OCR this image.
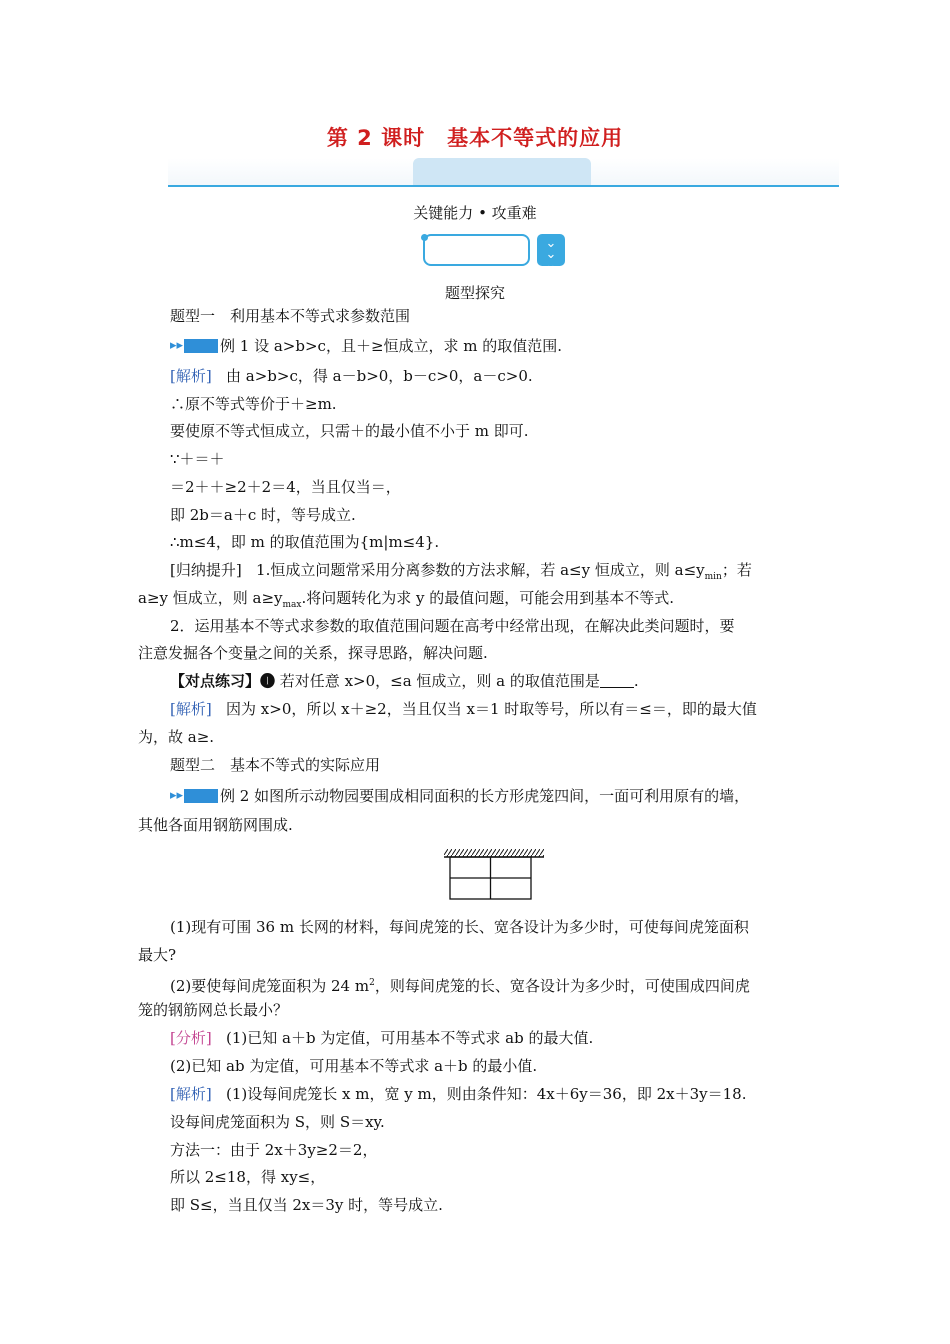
第 2 课时　基本不等式的应用
关键能力 • 攻重难
⌄
⌄
⌄
题型探究
题型一　利用基本不等式求参数范围
▸▸ 例 1 设 a>b>c，且＋≥恒成立，求 m 的取值范围.
[解析] 由 a>b>c，得 a－b>0，b－c>0，a－c>0.
∴原不等式等价于＋≥m.
要使原不等式恒成立，只需＋的最小值不小于 m 即可.
∵＋＝＋
＝2＋＋≥2＋2＝4，当且仅当＝，
即 2b＝a＋c 时，等号成立.
∴m≤4，即 m 的取值范围为{m|m≤4}.
[归纳提升] 1.恒成立问题常采用分离参数的方法求解，若 a≤y 恒成立，则 $a\le y_{min}$；若
a≥y 恒成立，则 $a\ge y_{max}$.将问题转化为求 y 的最值问题，可能会用到基本不等式.
2．运用基本不等式求参数的取值范围问题在高考中经常出现，在解决此类问题时，要
注意发掘各个变量之间的关系，探寻思路，解决问题.
【对点练习】❶ 若对任意 x>0，≤a 恒成立，则 a 的取值范围是 .
[解析] 因为 x>0，所以 x＋≥2，当且仅当 x＝1 时取等号，所以有＝≤＝，即的最大值
为，故 a≥.
题型二　基本不等式的实际应用
▸▸ 例 2 如图所示动物园要围成相同面积的长方形虎笼四间，一面可利用原有的墙，
其他各面用钢筋网围成.
(1)现有可围 36 m 长网的材料，每间虎笼的长、宽各设计为多少时，可使每间虎笼面积
最大?
(2)要使每间虎笼面积为 24 $m^2$，则每间虎笼的长、宽各设计为多少时，可使围成四间虎
笼的钢筋网总长最小？
[分析] (1)已知 a＋b 为定值，可用基本不等式求 ab 的最大值.
(2)已知 ab 为定值，可用基本不等式求 a＋b 的最小值.
[解析] (1)设每间虎笼长 x m，宽 y m，则由条件知：4x＋6y＝36，即 2x＋3y＝18.
设每间虎笼面积为 S，则 S＝xy.
方法一：由于 2x＋3y≥2＝2，
所以 2≤18，得 xy≤，
即 S≤，当且仅当 2x＝3y 时，等号成立.
